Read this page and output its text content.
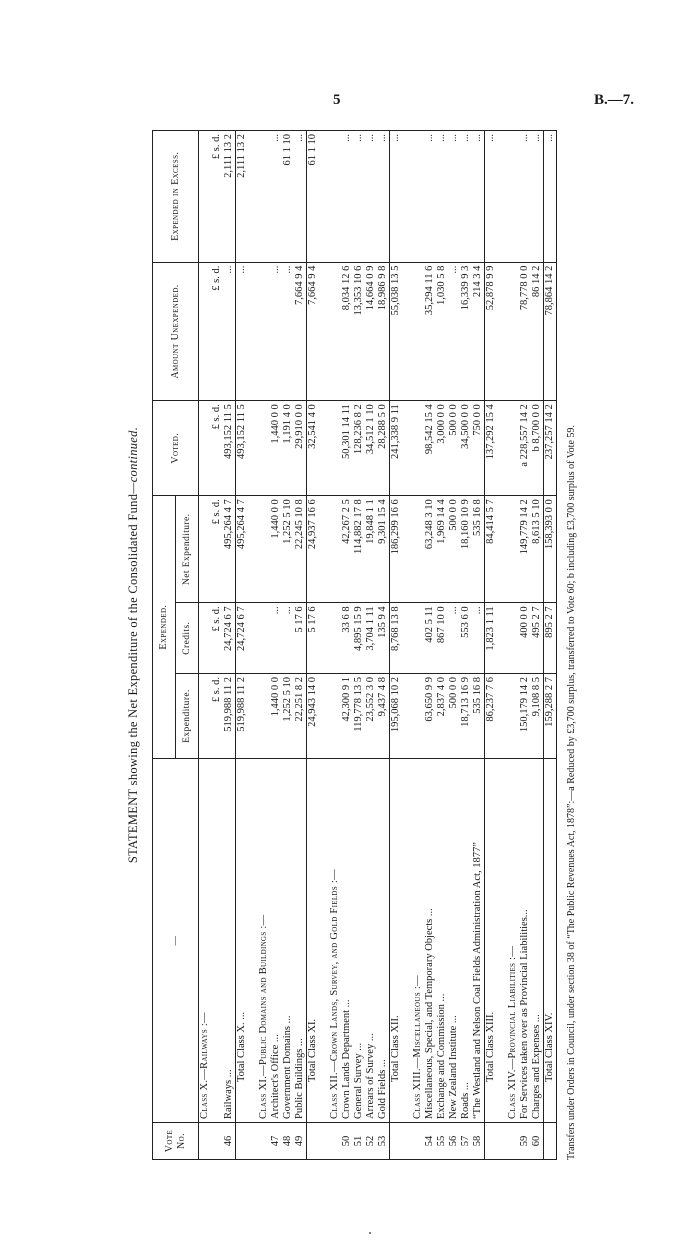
5	B.—7.
STATEMENT showing the Net Expenditure of the Consolidated Fund—continued.
Vote No.	—	Expended.			Voted.	Amount Unexpended.	Expended in Excess.
		Expenditure.	Credits.	Net Expenditure.			
	Class X.—Railways :—						
		£ s. d.	£ s. d.	£ s. d.	£ s. d.	£ s. d.	£ s. d.
46	Railways ...	519,988 11 2	24,724 6 7	495,264 4 7	493,152 11 5	...	2,111 13 2
	Total Class X. ...	519,988 11 2	24,724 6 7	495,264 4 7	493,152 11 5	...	2,111 13 2

	Class XI.—Public Domains and Buildings :—						
47	Architect's Office ...	1,440 0 0	...	1,440 0 0	1,440 0 0	...	...
48	Government Domains ...	1,252 5 10	...	1,252 5 10	1,191 4 0	...	61 1 10
49	Public Buildings ...	22,251 8 2	5 17 6	22,245 10 8	29,910 0 0	7,664 9 4	...
	Total Class XI.	24,943 14 0	5 17 6	24,937 16 6	32,541 4 0	7,664 9 4	61 1 10

	Class XII.—Crown Lands, Survey, and Gold Fields :—						
50	Crown Lands Department ...	42,300 9 1	33 6 8	42,267 2 5	50,301 14 11	8,034 12 6	...
51	General Survey ...	119,778 13 5	4,895 15 9	114,882 17 8	128,236 8 2	13,353 10 6	...
52	Arrears of Survey ...	23,552 3 0	3,704 1 11	19,848 1 1	34,512 1 10	14,664 0 9	...
53	Gold Fields ...	9,437 4 8	135 9 4	9,301 15 4	28,288 5 0	18,986 9 8	...
	Total Class XII.	195,068 10 2	8,768 13 8	186,299 16 6	241,338 9 11	55,038 13 5	...

	Class XIII.—Miscellaneous :—						
54	Miscellaneous, Special, and Temporary Objects ...	63,650 9 9	402 5 11	63,248 3 10	98,542 15 4	35,294 11 6	...
55	Exchange and Commission ...	2,837 4 0	867 10 0	1,969 14 4	3,000 0 0	1,030 5 8	...
56	New Zealand Institute ...	500 0 0	...	500 0 0	500 0 0	...	...
57	Roads ...	18,713 16 9	553 6 0	18,160 10 9	34,500 0 0	16,339 9 3	...
58	“The Westland and Nelson Coal Fields Administration Act, 1877”	535 16 8	...	535 16 8	750 0 0	214 3 4	...
	Total Class XIII.	86,237 7 6	1,823 1 11	84,414 5 7	137,292 15 4	52,878 9 9	...

	Class XIV.—Provincial Liabilities :—						
59	For Services taken over as Provincial Liabilities...	150,179 14 2	400 0 0	149,779 14 2	a 228,557 14 2	78,778 0 0	...
60	Charges and Expenses ...	9,108 8 5	495 2 7	8,613 5 10	b 8,700 0 0	86 14 2	...
	Total Class XIV.	159,288 2 7	895 2 7	158,393 0 0	237,257 14 2	78,864 14 2	...
Transfers under Orders in Council, under section 38 of “The Public Revenues Act, 1878”:—a Reduced by £3,700 surplus, transferred to Vote 60; b including £3,700 surplus of Vote 59.
